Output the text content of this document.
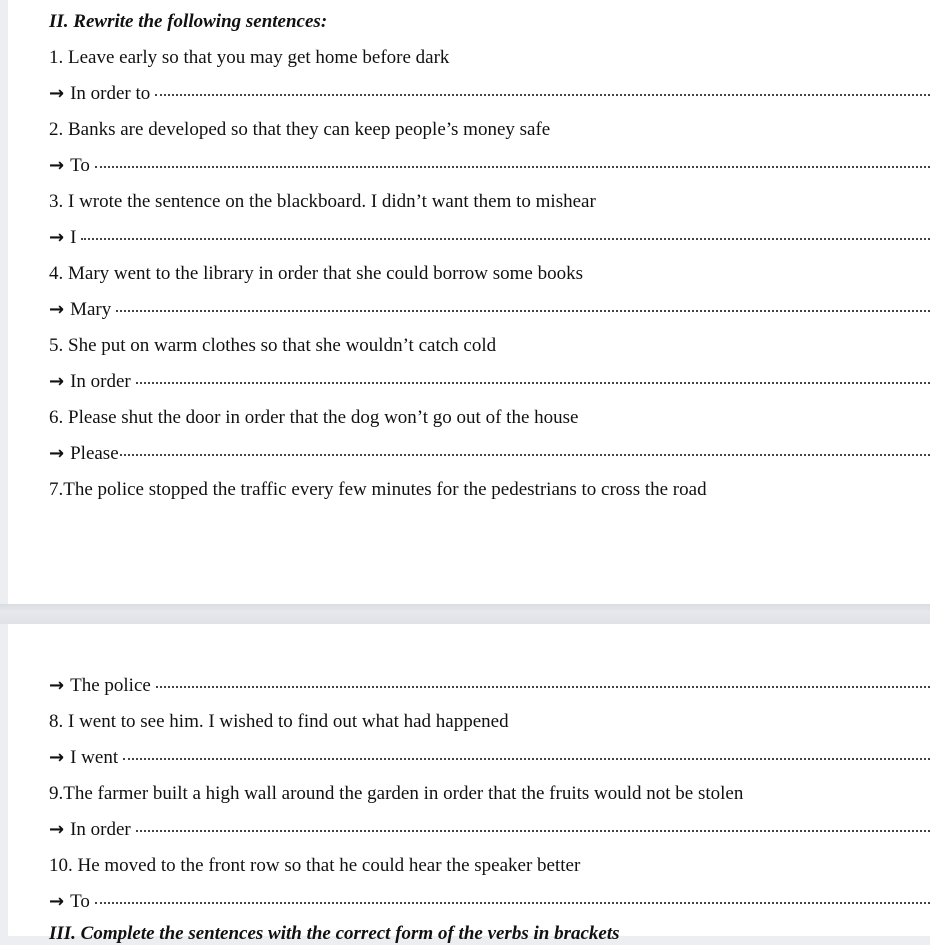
II. Rewrite the following sentences:
1. Leave early so that you may get home before dark
→ In order to
2. Banks are developed so that they can keep people’s money safe
→ To
3. I wrote the sentence on the blackboard. I didn’t want them to mishear
→ I
4. Mary went to the library in order that she could borrow some books
→ Mary
5. She put on warm clothes so that she wouldn’t catch cold
→ In order
6. Please shut the door in order that the dog won’t go out of the house
→ Please
7.The police stopped the traffic every few minutes for the pedestrians to cross the road
→ The police
8. I went to see him. I wished to find out what had happened
→ I went
9.The farmer built a high wall around the garden in order that the fruits would not be stolen
→ In order
10. He moved to the front row so that he could hear the speaker better
→ To
III. Complete the sentences with the correct form of the verbs in brackets
